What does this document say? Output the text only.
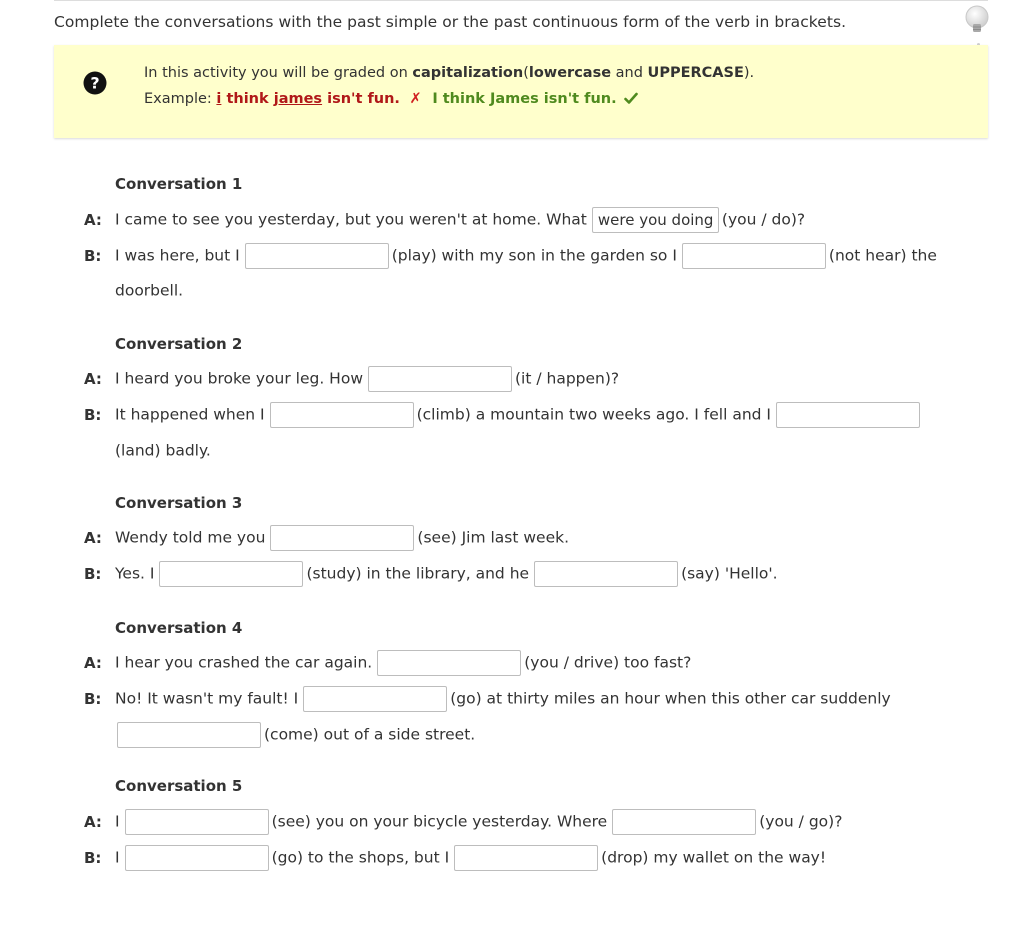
Complete the conversations with the past simple or the past continuous form of the verb in brackets.
?
In this activity you will be graded on capitalization(lowercase and UPPERCASE).
Example: i think james isn't fun. ✗ I think James isn't fun.
Conversation 1
A: I came to see you yesterday, but you weren't at home. Whatwere you doing	(you / do)?
B: I was here, but I	(play) with my son in the garden so I	(not hear) the
doorbell.
Conversation 2
A: I heard you broke your leg. How	(it / happen)?
B: It happened when I	(climb) a mountain two weeks ago. I fell and I
(land) badly.
Conversation 3
A: Wendy told me you	(see) Jim last week.
B: Yes. I	(study) in the library, and he	(say) 'Hello'.
Conversation 4
A: I hear you crashed the car again.	(you / drive) too fast?
B: No! It wasn't my fault! I	(go) at thirty miles an hour when this other car suddenly
(come) out of a side street.
Conversation 5
A: I	(see) you on your bicycle yesterday. Where	(you / go)?
B: I	(go) to the shops, but I	(drop) my wallet on the way!
